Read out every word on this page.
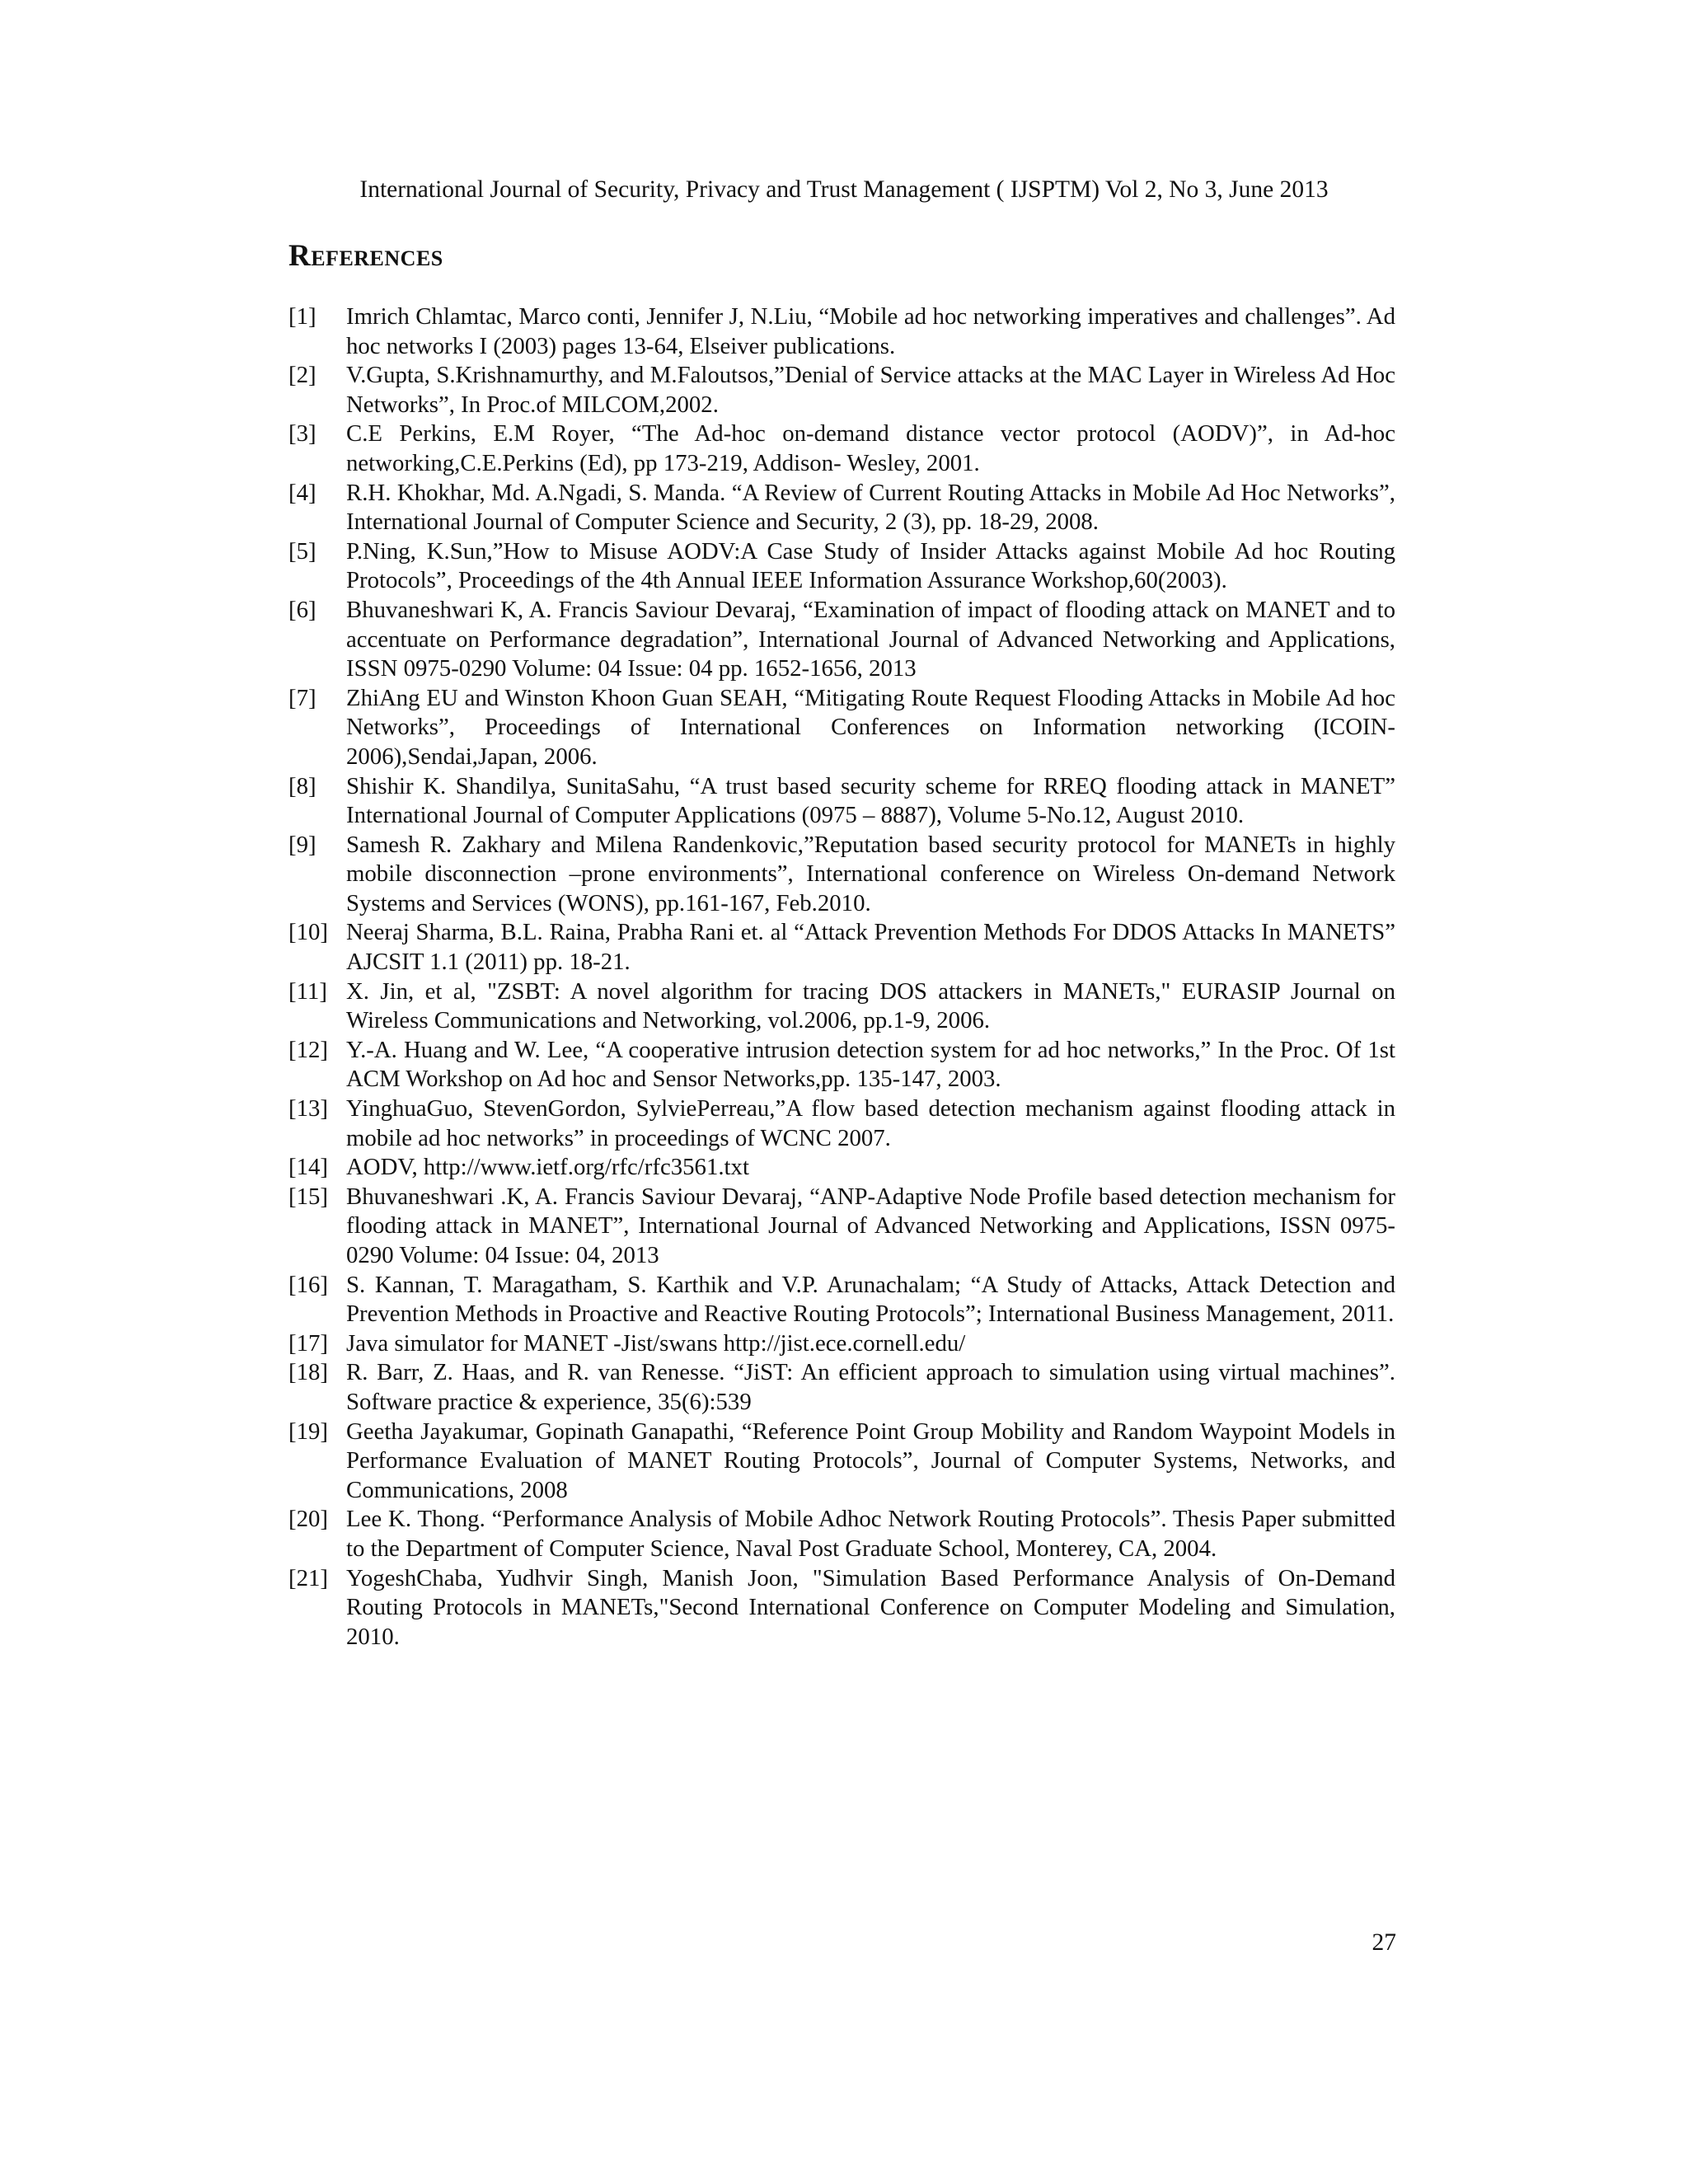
International Journal of Security, Privacy and Trust Management ( IJSPTM) Vol 2, No 3, June 2013
References
[1] Imrich Chlamtac, Marco conti, Jennifer J, N.Liu, “Mobile ad hoc networking imperatives and challenges”. Ad hoc networks I (2003) pages 13-64, Elseiver publications.
[2] V.Gupta, S.Krishnamurthy, and M.Faloutsos,”Denial of Service attacks at the MAC Layer in Wireless Ad Hoc Networks”, In Proc.of MILCOM,2002.
[3] C.E Perkins, E.M Royer, “The Ad-hoc on-demand distance vector protocol (AODV)”, in Ad-hoc networking,C.E.Perkins (Ed), pp 173-219, Addison- Wesley, 2001.
[4] R.H. Khokhar, Md. A.Ngadi, S. Manda. “A Review of Current Routing Attacks in Mobile Ad Hoc Networks”, International Journal of Computer Science and Security, 2 (3), pp. 18-29, 2008.
[5] P.Ning, K.Sun,”How to Misuse AODV:A Case Study of Insider Attacks against Mobile Ad hoc Routing Protocols”, Proceedings of the 4th Annual IEEE Information Assurance Workshop,60(2003).
[6] Bhuvaneshwari K, A. Francis Saviour Devaraj, “Examination of impact of flooding attack on MANET and to accentuate on Performance degradation”, International Journal of Advanced Networking and Applications, ISSN 0975-0290 Volume: 04 Issue: 04 pp. 1652-1656, 2013
[7] ZhiAng EU and Winston Khoon Guan SEAH, “Mitigating Route Request Flooding Attacks in Mobile Ad hoc Networks”, Proceedings of International Conferences on Information networking (ICOIN-2006),Sendai,Japan, 2006.
[8] Shishir K. Shandilya, SunitaSahu, “A trust based security scheme for RREQ flooding attack in MANET” International Journal of Computer Applications (0975 – 8887), Volume 5-No.12, August 2010.
[9] Samesh R. Zakhary and Milena Randenkovic,”Reputation based security protocol for MANETs in highly mobile disconnection –prone environments”, International conference on Wireless On-demand Network Systems and Services (WONS), pp.161-167, Feb.2010.
[10] Neeraj Sharma, B.L. Raina, Prabha Rani et. al “Attack Prevention Methods For DDOS Attacks In MANETS” AJCSIT 1.1 (2011) pp. 18-21.
[11] X. Jin, et al, "ZSBT: A novel algorithm for tracing DOS attackers in MANETs," EURASIP Journal on Wireless Communications and Networking, vol.2006, pp.1-9, 2006.
[12] Y.-A. Huang and W. Lee, “A cooperative intrusion detection system for ad hoc networks,” In the Proc. Of 1st ACM Workshop on Ad hoc and Sensor Networks,pp. 135-147, 2003.
[13] YinghuaGuo, StevenGordon, SylviePerreau,”A flow based detection mechanism against flooding attack in mobile ad hoc networks” in proceedings of WCNC 2007.
[14] AODV, http://www.ietf.org/rfc/rfc3561.txt
[15] Bhuvaneshwari .K, A. Francis Saviour Devaraj, “ANP-Adaptive Node Profile based detection mechanism for flooding attack in MANET”, International Journal of Advanced Networking and Applications, ISSN 0975-0290 Volume: 04 Issue: 04, 2013
[16] S. Kannan, T. Maragatham, S. Karthik and V.P. Arunachalam; “A Study of Attacks, Attack Detection and Prevention Methods in Proactive and Reactive Routing Protocols”; International Business Management, 2011.
[17] Java simulator for MANET -Jist/swans http://jist.ece.cornell.edu/
[18] R. Barr, Z. Haas, and R. van Renesse. “JiST: An efficient approach to simulation using virtual machines”. Software practice & experience, 35(6):539
[19] Geetha Jayakumar, Gopinath Ganapathi, “Reference Point Group Mobility and Random Waypoint Models in Performance Evaluation of MANET Routing Protocols”, Journal of Computer Systems, Networks, and Communications, 2008
[20] Lee K. Thong. “Performance Analysis of Mobile Adhoc Network Routing Protocols”. Thesis Paper submitted to the Department of Computer Science, Naval Post Graduate School, Monterey, CA, 2004.
[21] YogeshChaba, Yudhvir Singh, Manish Joon, "Simulation Based Performance Analysis of On-Demand Routing Protocols in MANETs,"Second International Conference on Computer Modeling and Simulation, 2010.
27
